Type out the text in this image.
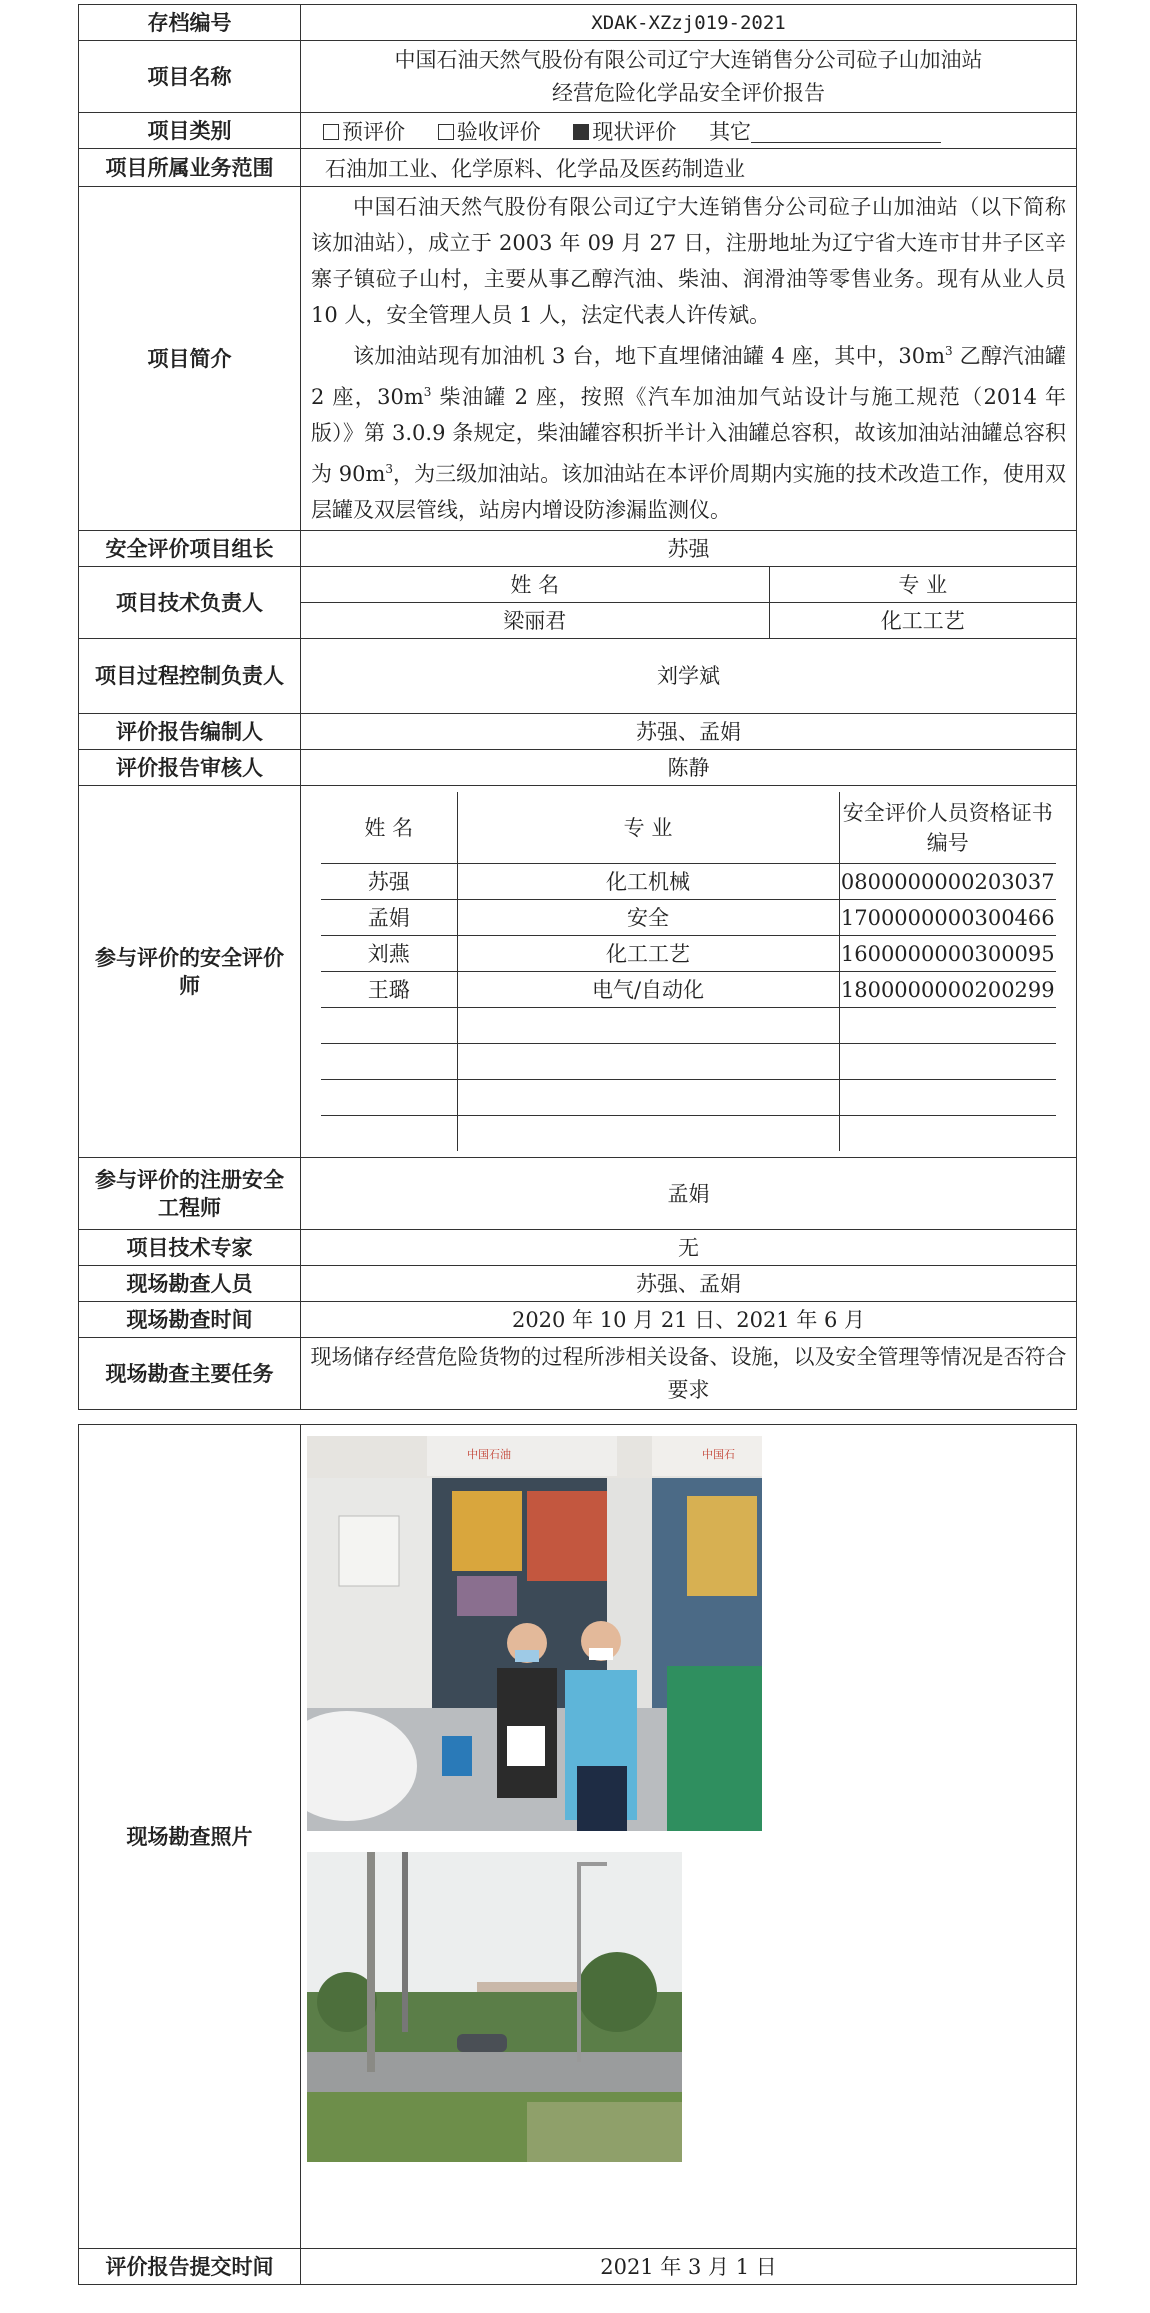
存档编号	XDAK-XZzj019-2021
项目名称	
中国石油天然气股份有限公司辽宁大连销售分公司砬子山加油站
经营危险化学品安全评价报告

项目类别	预评价 验收评价 现状评价 其它
项目所属业务范围	石油加工业、化学原料、化学品及医药制造业
项目简介	

中国石油天然气股份有限公司辽宁大连销售分公司砬子山加油站（以下简称该加油站），成立于 2003 年 09 月 27 日，注册地址为辽宁省大连市甘井子区辛寨子镇砬子山村，主要从事乙醇汽油、柴油、润滑油等零售业务。现有从业人员 10 人，安全管理人员 1 人，法定代表人许传斌。

该加油站现有加油机 3 台，地下直埋储油罐 4 座，其中，$30m^3$ 乙醇汽油罐 2 座，$30m^3$ 柴油罐 2 座，按照《汽车加油加气站设计与施工规范（2014 年版）》第 3.0.9 条规定，柴油罐容积折半计入油罐总容积，故该加油站油罐总容积为 $90m^3$，为三级加油站。该加油站在本评价周期内实施的技术改造工作，使用双层罐及双层管线，站房内增设防渗漏监测仪。

安全评价项目组长	苏强
项目技术负责人	
姓 名	专 业
梁丽君	化工工艺

项目过程控制负责人	刘学斌
评价报告编制人	苏强、孟娟
评价报告审核人	陈静
参与评价的安全评价师	
姓 名	专 业	安全评价人员资格证书编号
苏强	化工机械	0800000000203037
孟娟	安全	1700000000300466
刘燕	化工工艺	1600000000300095
王璐	电气/自动化	1800000000200299

参与评价的注册安全工程师	孟娟
项目技术专家	无
现场勘查人员	苏强、孟娟
现场勘查时间	2020 年 10 月 21 日、2021 年 6 月
现场勘查主要任务	现场储存经营危险货物的过程所涉相关设备、设施，以及安全管理等情况是否符合要求
现场勘查照片	
评价报告提交时间	2021 年 3 月 1 日
中国石油	中国石
